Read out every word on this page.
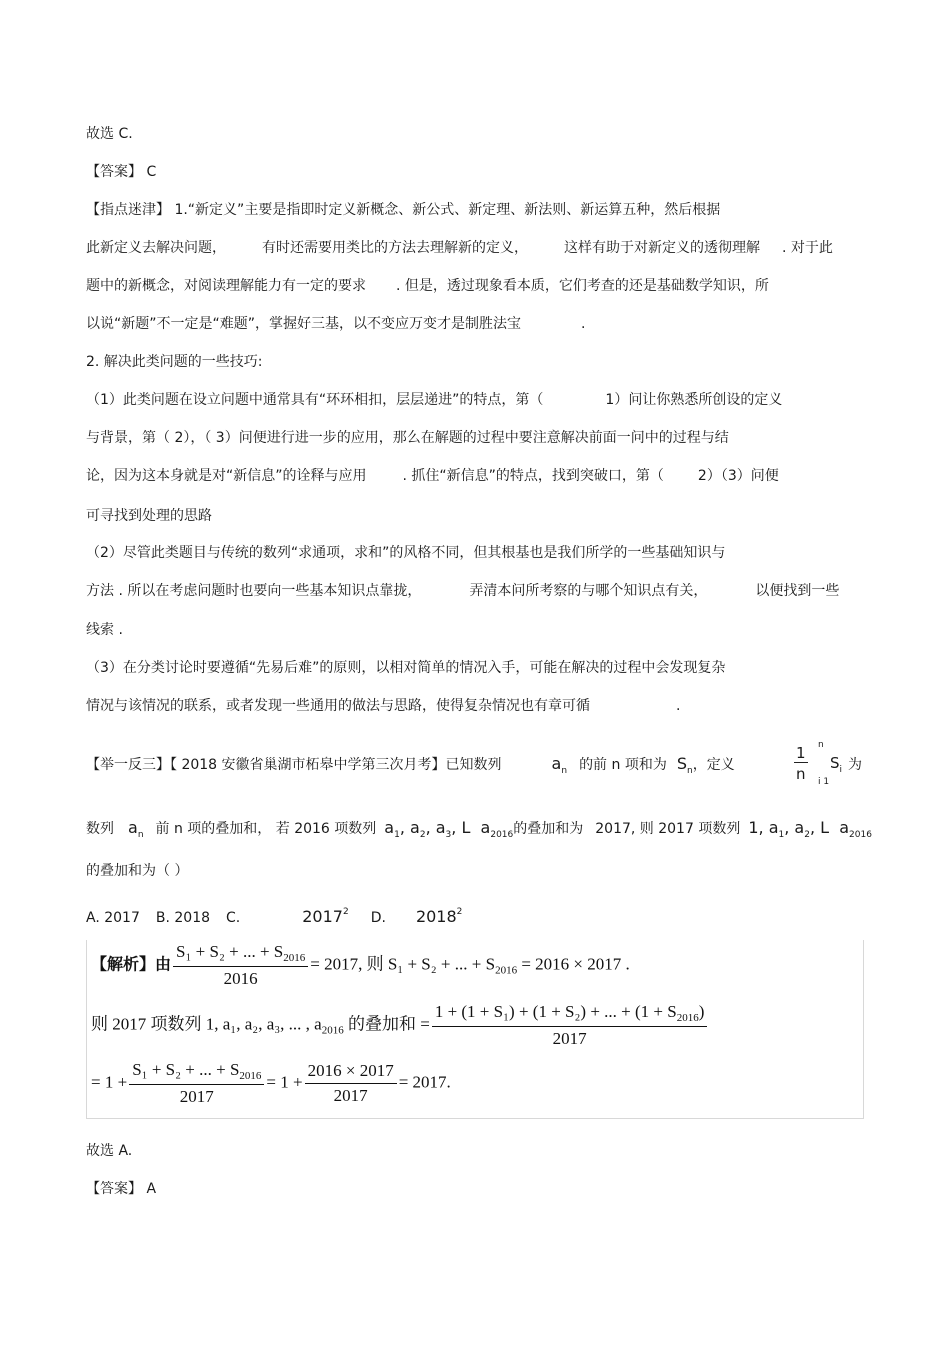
故选 C.
【答案】 C
【指点迷津】 1.“新定义”主要是指即时定义新概念、新公式、新定理、新法则、新运算五种，然后根据
此新定义去解决问题，	有时还需要用类比的方法去理解新的定义，	这样有助于对新定义的透彻理解 . 对于此
题中的新概念，对阅读理解能力有一定的要求 . 但是，透过现象看本质，它们考查的还是基础数学知识，所
以说“新题”不一定是“难题”，掌握好三基，以不变应万变才是制胜法宝	.
2. 解决此类问题的一些技巧:
（1）此类问题在设立问题中通常具有“环环相扣，层层递进”的特点，第（	1）问让你熟悉所创设的定义
与背景，第（ 2），（ 3）问便进行进一步的应用，那么在解题的过程中要注意解决前面一问中的过程与结
论，因为这本身就是对“新信息”的诠释与应用	. 抓住“新信息”的特点，找到突破口，第（ 2）（3）问便
可寻找到处理的思路
（2）尽管此类题目与传统的数列“求通项，求和”的风格不同，但其根基也是我们所学的一些基础知识与
方法 . 所以在考虑问题时也要向一些基本知识点靠拢，	弄清本问所考察的与哪个知识点有关，	以便找到一些
线索 .
（3）在分类讨论时要遵循“先易后难”的原则，以相对简单的情况入手，可能在解决的过程中会发现复杂
情况与该情况的联系，或者发现一些通用的做法与思路，使得复杂情况也有章可循	.
【举一反三】【 2018 安徽省巢湖市柘皋中学第三次月考】已知数列	$a_n$ 的前 n 项和为 $S_n$，定义
n
1
n i 1
$S_i$ 为
数列 $a_n$ 前 n 项的叠加和， 若 2016 项数列 $a_1$, $a_2$, $a_3$, L $a_{2016}$的叠加和为 2017, 则 2017 项数列 1, $a_1$, $a_2$, L $a_{2016}$
的叠加和为（ ）
A. 2017 B. 2018 C.	2017$^2$ D. 2018$^2$
【解析】由 $\frac{S_1 + S_2 + ... + S_{2016}}{2016} = 2017$, 则 S₁ + S₂ + ... + $S_{2016} = 2016 \times 2017$ .
则 2017 项数列 1, a₁, a₂, a₃, ... , $a_{2016}$ 的叠加和 = $\frac{1 + (1 + S_1) + (1 + S_2) + ... + (1 + S_{2016})}{2017}$
= $1 + \frac{S_1 + S_2 + ... + S_{2016}}{2017} = 1 + \frac{2016 \times 2017}{2017} = 2017$.
故选 A.
【答案】 A
